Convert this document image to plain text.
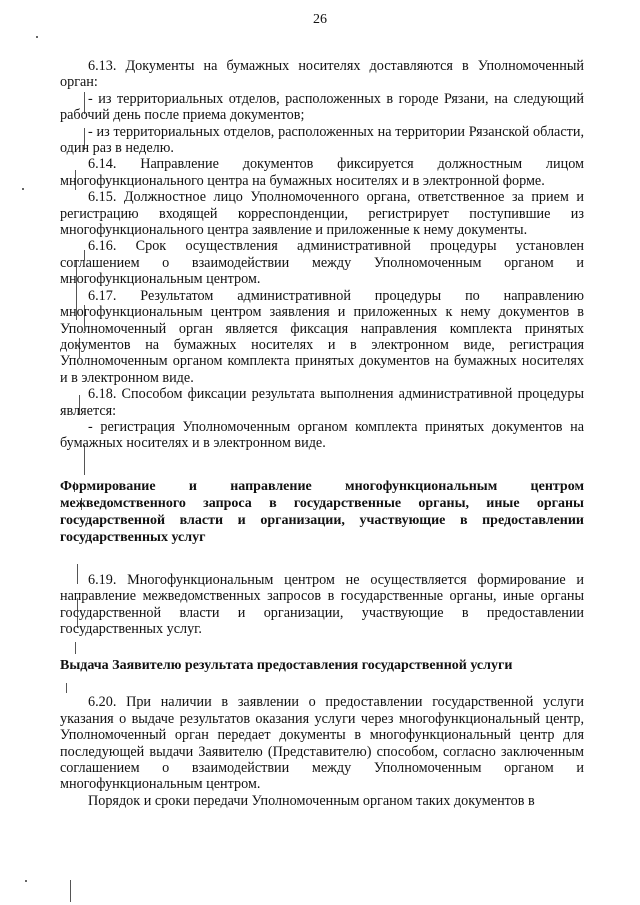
26

6.13. Документы на бумажных носителях доставляются в Уполномоченный орган:

- из территориальных отделов, расположенных в городе Рязани, на следующий рабочий день после приема документов;

- из территориальных отделов, расположенных на территории Рязанской области, один раз в неделю.

6.14. Направление документов фиксируется должностным лицом многофункционального центра на бумажных носителях и в электронной форме.

6.15. Должностное лицо Уполномоченного органа, ответственное за прием и регистрацию входящей корреспонденции, регистрирует поступившие из многофункционального центра заявление и приложенные к нему документы.

6.16. Срок осуществления административной процедуры установлен соглашением о взаимодействии между Уполномоченным органом и многофункциональным центром.

6.17. Результатом административной процедуры по направлению многофункциональным центром заявления и приложенных к нему документов в Уполномоченный орган является фиксация направления комплекта принятых документов на бумажных носителях и в электронном виде, регистрация Уполномоченным органом комплекта принятых документов на бумажных носителях и в электронном виде.

6.18. Способом фиксации результата выполнения административной процедуры является:

- регистрация Уполномоченным органом комплекта принятых документов на бумажных носителях и в электронном виде.

Формирование и направление многофункциональным центром межведомственного запроса в государственные органы, иные органы государственной власти и организации, участвующие в предоставлении государственных услуг

6.19. Многофункциональным центром не осуществляется формирование и направление межведомственных запросов в государственные органы, иные органы государственной власти и организации, участвующие в предоставлении государственных услуг.

Выдача Заявителю результата предоставления государственной услуги

6.20. При наличии в заявлении о предоставлении государственной услуги указания о выдаче результатов оказания услуги через многофункциональный центр, Уполномоченный орган передает документы в многофункциональный центр для последующей выдачи Заявителю (Представителю) способом, согласно заключенным соглашением о взаимодействии между Уполномоченным органом и многофункциональным центром.

Порядок и сроки передачи Уполномоченным органом таких документов в
